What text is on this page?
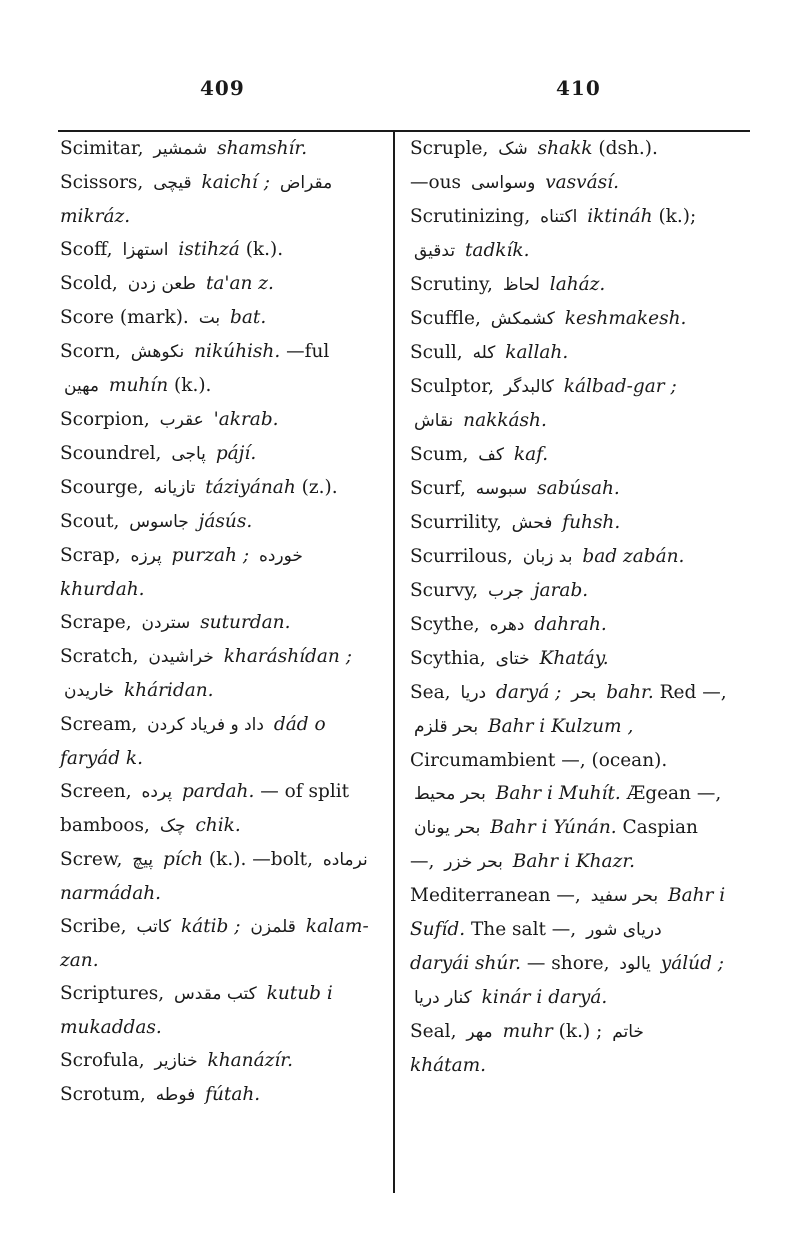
409	410

Scimitar, شمشیر shamshír.

Scissors, قیچی kaichí ; مقراض mikráz.

Scoff, استهزا istihzá (k.).

Scold, طعن زدن ta'an z.

Score (mark). بت bat.

Scorn, نکوهش nikúhish. —ful مهین muhín (k.).

Scorpion, عقرب 'akrab.

Scoundrel, پاجی pájí.

Scourge, تازیانه táziyánah (z.).

Scout, جاسوس jásús.

Scrap, پرزه purzah ; خورده khurdah.

Scrape, ستردن suturdan.

Scratch, خراشیدن kharáshídan ; خاریدن kháridan.

Scream, داد و فریاد کردن dád o faryád k.

Screen, پرده pardah. — of split bamboos, چک chik.

Screw, پیچ pích (k.). —bolt, نرماده narmádah.

Scribe, کاتب kátib ; قلمزن kalam-zan.

Scriptures, کتب مقدس kutub i mukaddas.

Scrofula, خنازیر khanázír.

Scrotum, فوطه fútah.

Scruple, شک shakk (dsh.).

—ous وسواسی vasvásí.

Scrutinizing, اکتناه iktináh (k.); تدقیق tadkík.

Scrutiny, لحاظ laház.

Scuffle, کشمکش keshmakesh.

Scull, کله kallah.

Sculptor, کالبدگر kálbad-gar ; نقاش nakkásh.

Scum, کف kaf.

Scurf, سبوسه sabúsah.

Scurrility, فحش fuhsh.

Scurrilous, بد زبان bad zabán.

Scurvy, جرب jarab.

Scythe, دهره dahrah.

Scythia, ختای Khatáy.

Sea, دریا daryá ; بحر bahr. Red —, بحر قلزم Bahr i Kulzum , Circumambient —, (ocean). بحر محیط Bahr i Muhít. Ægean —, بحر یونان Bahr i Yúnán. Caspian —, بحر خزر Bahr i Khazr. Mediterranean —, بحر سفید Bahr i Sufíd. The salt —, دریای شور daryái shúr. — shore, یالود yálúd ; کنار دریا kinár i daryá.

Seal, مهر muhr (k.) ; خاتم khátam.
